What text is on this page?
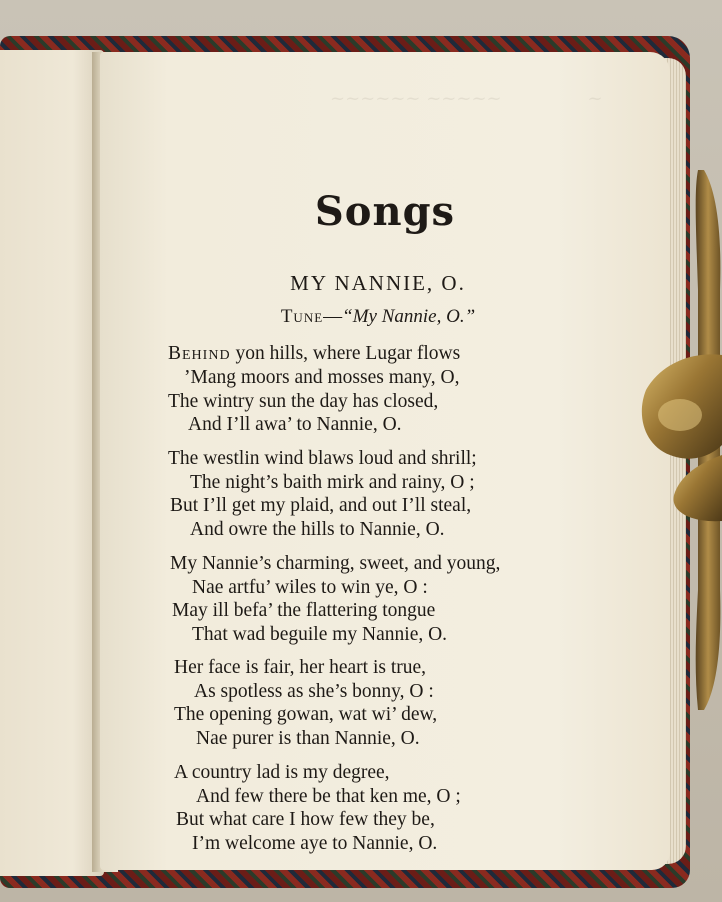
~~~~~~ ~~~~~               ~
Songs
MY NANNIE, O.
Tune—“My Nannie, O.”
Behind yon hills, where Lugar flows
’Mang moors and mosses many, O,
The wintry sun the day has closed,
And I’ll awa’ to Nannie, O.
The westlin wind blaws loud and shrill;
The night’s baith mirk and rainy, O ;
But I’ll get my plaid, and out I’ll steal,
And owre the hills to Nannie, O.
My Nannie’s charming, sweet, and young,
Nae artfu’ wiles to win ye, O :
May ill befa’ the flattering tongue
That wad beguile my Nannie, O.
Her face is fair, her heart is true,
As spotless as she’s bonny, O :
The opening gowan, wat wi’ dew,
Nae purer is than Nannie, O.
A country lad is my degree,
And few there be that ken me, O ;
But what care I how few they be,
I’m welcome aye to Nannie, O.
